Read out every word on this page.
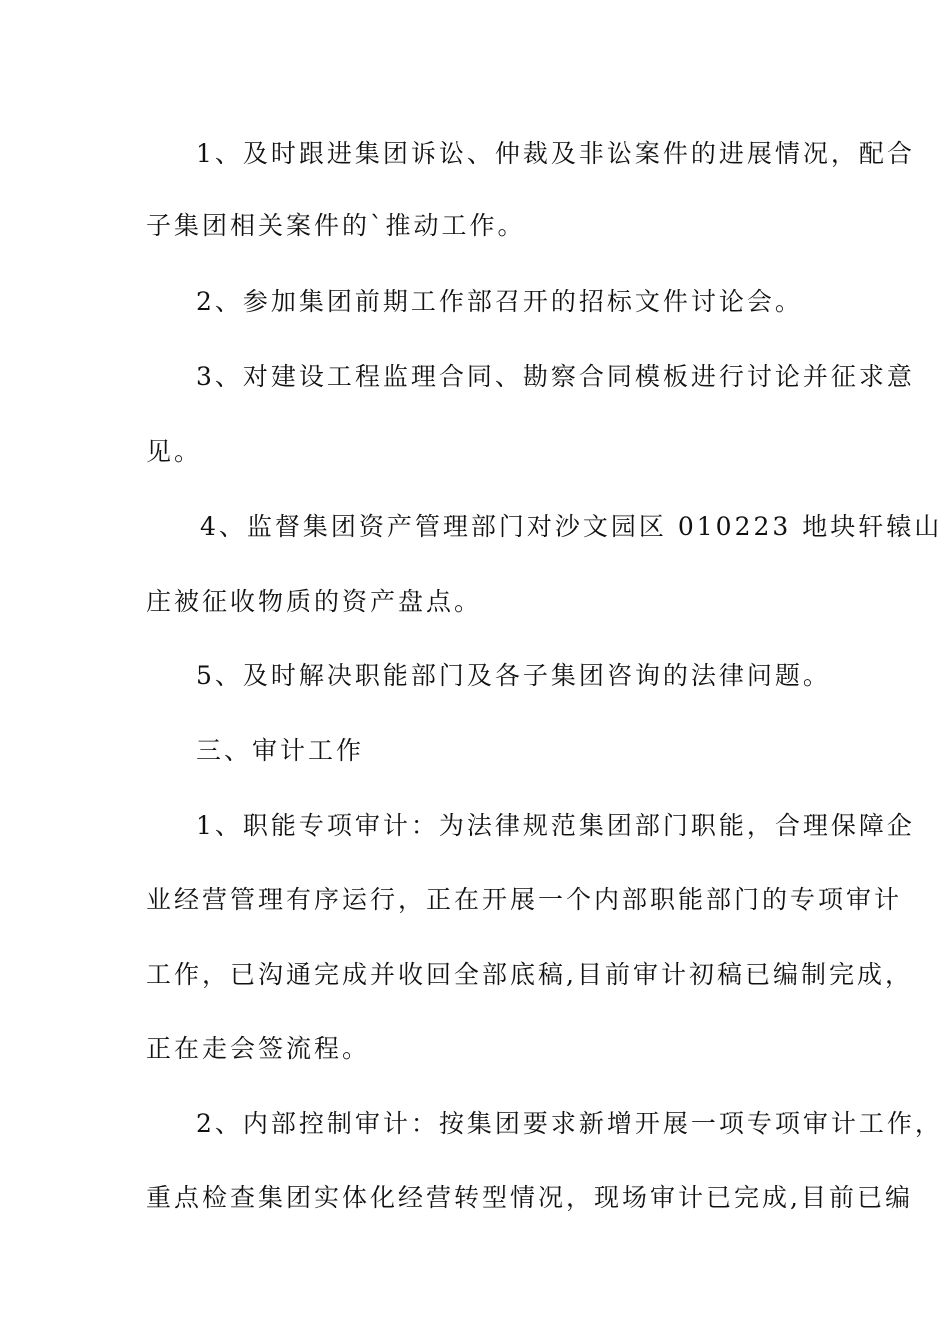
1、及时跟进集团诉讼、仲裁及非讼案件的进展情况，配合
子集团相关案件的`推动工作。
2、参加集团前期工作部召开的招标文件讨论会。
3、对建设工程监理合同、勘察合同模板进行讨论并征求意
见。
4、监督集团资产管理部门对沙文园区 010223 地块轩辕山
庄被征收物质的资产盘点。
5、及时解决职能部门及各子集团咨询的法律问题。
三、审计工作
1、职能专项审计：为法律规范集团部门职能，合理保障企
业经营管理有序运行，正在开展一个内部职能部门的专项审计
工作，已沟通完成并收回全部底稿,目前审计初稿已编制完成，
正在走会签流程。
2、内部控制审计：按集团要求新增开展一项专项审计工作，
重点检查集团实体化经营转型情况，现场审计已完成,目前已编
